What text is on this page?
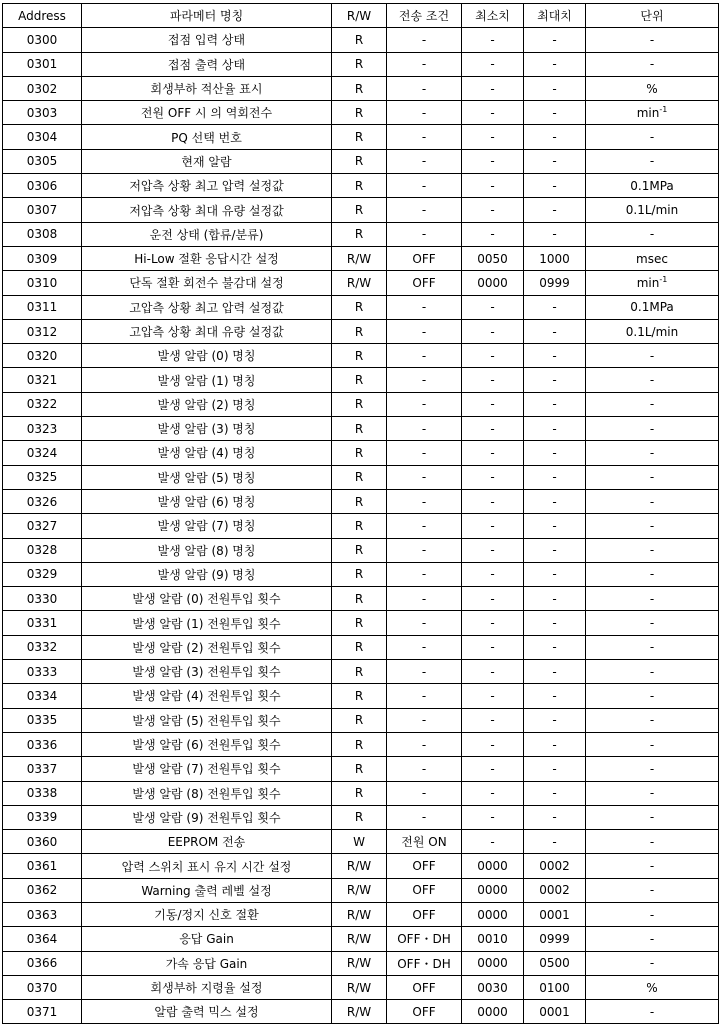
Address	파라메터 명칭	R/W	전송 조건	최소치	최대치	단위
0300	접점 입력 상태	R	-	-	-	-
0301	접점 출력 상태	R	-	-	-	-
0302	회생부하 적산율 표시	R	-	-	-	%
0303	전원 OFF 시 의 역회전수	R	-	-	-	$\min^{-1}$
0304	PQ 선택 번호	R	-	-	-	-
0305	현재 알람	R	-	-	-	-
0306	저압측 상황 최고 압력 설정값	R	-	-	-	0.1MPa
0307	저압측 상황 최대 유량 설정값	R	-	-	-	0.1L/min
0308	운전 상태 (합류/분류)	R	-	-	-	-
0309	Hi-Low 절환 응답시간 설정	R/W	OFF	0050	1000	msec
0310	단독 절환 회전수 불감대 설정	R/W	OFF	0000	0999	$\min^{-1}$
0311	고압측 상황 최고 압력 설정값	R	-	-	-	0.1MPa
0312	고압측 상황 최대 유량 설정값	R	-	-	-	0.1L/min
0320	발생 알람 (0) 명칭	R	-	-	-	-
0321	발생 알람 (1) 명칭	R	-	-	-	-
0322	발생 알람 (2) 명칭	R	-	-	-	-
0323	발생 알람 (3) 명칭	R	-	-	-	-
0324	발생 알람 (4) 명칭	R	-	-	-	-
0325	발생 알람 (5) 명칭	R	-	-	-	-
0326	발생 알람 (6) 명칭	R	-	-	-	-
0327	발생 알람 (7) 명칭	R	-	-	-	-
0328	발생 알람 (8) 명칭	R	-	-	-	-
0329	발생 알람 (9) 명칭	R	-	-	-	-
0330	발생 알람 (0) 전원투입 횟수	R	-	-	-	-
0331	발생 알람 (1) 전원투입 횟수	R	-	-	-	-
0332	발생 알람 (2) 전원투입 횟수	R	-	-	-	-
0333	발생 알람 (3) 전원투입 횟수	R	-	-	-	-
0334	발생 알람 (4) 전원투입 횟수	R	-	-	-	-
0335	발생 알람 (5) 전원투입 횟수	R	-	-	-	-
0336	발생 알람 (6) 전원투입 횟수	R	-	-	-	-
0337	발생 알람 (7) 전원투입 횟수	R	-	-	-	-
0338	발생 알람 (8) 전원투입 횟수	R	-	-	-	-
0339	발생 알람 (9) 전원투입 횟수	R	-	-	-	-
0360	EEPROM 전송	W	전원 ON	-	-	-
0361	압력 스위치 표시 유지 시간 설정	R/W	OFF	0000	0002	-
0362	Warning 출력 레벨 설정	R/W	OFF	0000	0002	-
0363	기동/정지 신호 절환	R/W	OFF	0000	0001	-
0364	응답 Gain	R/W	OFF・DH	0010	0999	-
0366	가속 응답 Gain	R/W	OFF・DH	0000	0500	-
0370	회생부하 지령율 설정	R/W	OFF	0030	0100	%
0371	알람 출력 믹스 설정	R/W	OFF	0000	0001	-
